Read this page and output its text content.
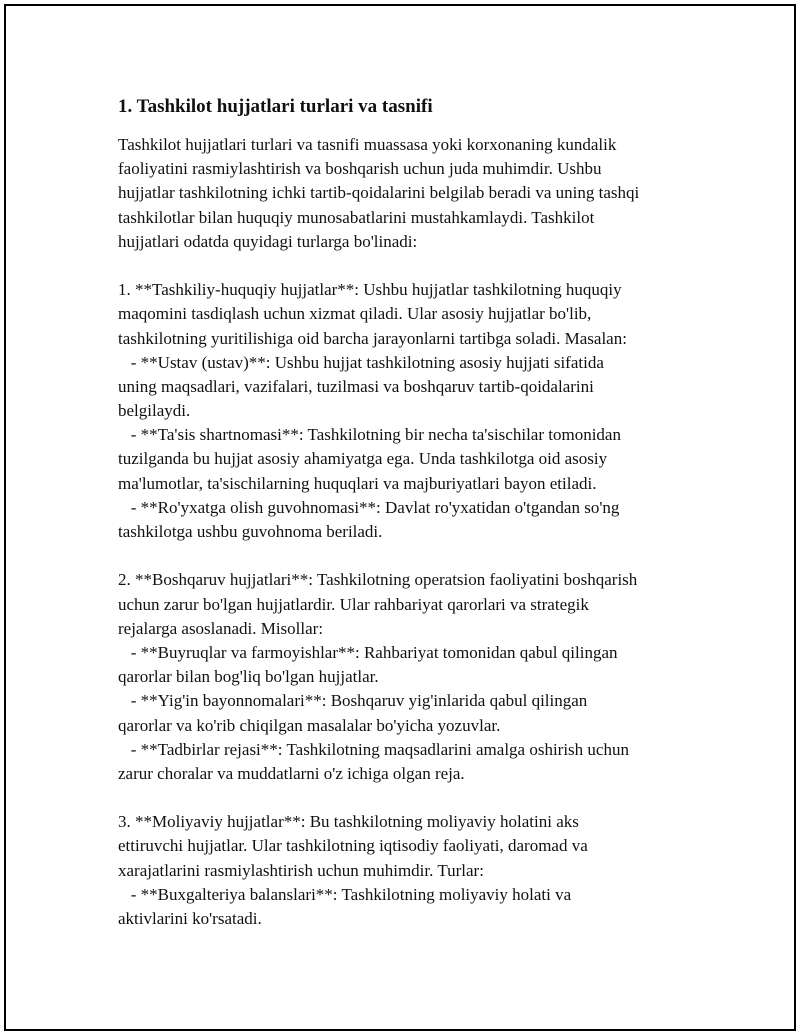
1. Tashkilot hujjatlari turlari va tasnifi
Tashkilot hujjatlari turlari va tasnifi muassasa yoki korxonaning kundalik
faoliyatini rasmiylashtirish va boshqarish uchun juda muhimdir. Ushbu
hujjatlar tashkilotning ichki tartib-qoidalarini belgilab beradi va uning tashqi
tashkilotlar bilan huquqiy munosabatlarini mustahkamlaydi. Tashkilot
hujjatlari odatda quyidagi turlarga bo'linadi:
1. **Tashkiliy-huquqiy hujjatlar**: Ushbu hujjatlar tashkilotning huquqiy
maqomini tasdiqlash uchun xizmat qiladi. Ular asosiy hujjatlar bo'lib,
tashkilotning yuritilishiga oid barcha jarayonlarni tartibga soladi. Masalan:
- **Ustav (ustav)**: Ushbu hujjat tashkilotning asosiy hujjati sifatida
uning maqsadlari, vazifalari, tuzilmasi va boshqaruv tartib-qoidalarini
belgilaydi.
- **Ta'sis shartnomasi**: Tashkilotning bir necha ta'sischilar tomonidan
tuzilganda bu hujjat asosiy ahamiyatga ega. Unda tashkilotga oid asosiy
ma'lumotlar, ta'sischilarning huquqlari va majburiyatlari bayon etiladi.
- **Ro'yxatga olish guvohnomasi**: Davlat ro'yxatidan o'tgandan so'ng
tashkilotga ushbu guvohnoma beriladi.
2. **Boshqaruv hujjatlari**: Tashkilotning operatsion faoliyatini boshqarish
uchun zarur bo'lgan hujjatlardir. Ular rahbariyat qarorlari va strategik
rejalarga asoslanadi. Misollar:
- **Buyruqlar va farmoyishlar**: Rahbariyat tomonidan qabul qilingan
qarorlar bilan bog'liq bo'lgan hujjatlar.
- **Yig'in bayonnomalari**: Boshqaruv yig'inlarida qabul qilingan
qarorlar va ko'rib chiqilgan masalalar bo'yicha yozuvlar.
- **Tadbirlar rejasi**: Tashkilotning maqsadlarini amalga oshirish uchun
zarur choralar va muddatlarni o'z ichiga olgan reja.
3. **Moliyaviy hujjatlar**: Bu tashkilotning moliyaviy holatini aks
ettiruvchi hujjatlar. Ular tashkilotning iqtisodiy faoliyati, daromad va
xarajatlarini rasmiylashtirish uchun muhimdir. Turlar:
- **Buxgalteriya balanslari**: Tashkilotning moliyaviy holati va
aktivlarini ko'rsatadi.
